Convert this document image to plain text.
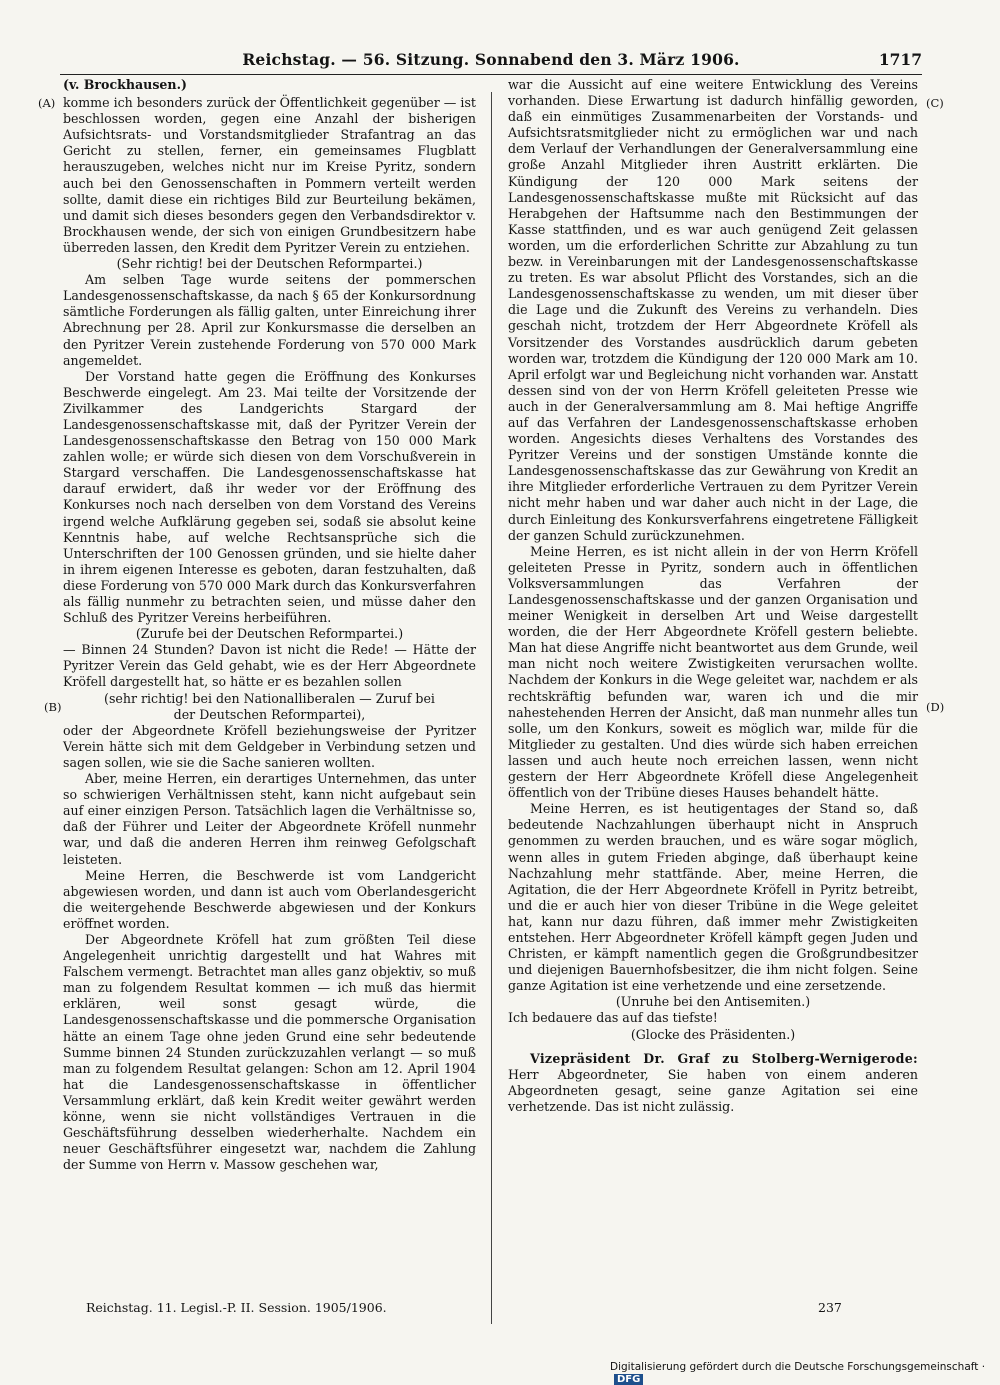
Reichstag. — 56. Sitzung. Sonnabend den 3. März 1906.	1717
(A)
(B)
(C)
(D)

(v. Brockhausen.)

komme ich besonders zurück der Öffentlichkeit gegenüber — ist beschlossen worden, gegen eine Anzahl der bisherigen Aufsichtsrats- und Vorstandsmitglieder Strafantrag an das Gericht zu stellen, ferner, ein gemeinsames Flugblatt herauszugeben, welches nicht nur im Kreise Pyritz, sondern auch bei den Genossenschaften in Pommern verteilt werden sollte, damit diese ein richtiges Bild zur Beurteilung bekämen, und damit sich dieses besonders gegen den Verbandsdirektor v. Brockhausen wende, der sich von einigen Grundbesitzern habe überreden lassen, den Kredit dem Pyritzer Verein zu entziehen.

(Sehr richtig! bei der Deutschen Reformpartei.)

Am selben Tage wurde seitens der pommerschen Landesgenossenschaftskasse, da nach § 65 der Konkursordnung sämtliche Forderungen als fällig galten, unter Einreichung ihrer Abrechnung per 28. April zur Konkursmasse die derselben an den Pyritzer Verein zustehende Forderung von 570 000 Mark angemeldet.

Der Vorstand hatte gegen die Eröffnung des Konkurses Beschwerde eingelegt. Am 23. Mai teilte der Vorsitzende der Zivilkammer des Landgerichts Stargard der Landesgenossenschaftskasse mit, daß der Pyritzer Verein der Landesgenossenschaftskasse den Betrag von 150 000 Mark zahlen wolle; er würde sich diesen von dem Vorschußverein in Stargard verschaffen. Die Landesgenossenschaftskasse hat darauf erwidert, daß ihr weder vor der Eröffnung des Konkurses noch nach derselben von dem Vorstand des Vereins irgend welche Aufklärung gegeben sei, sodaß sie absolut keine Kenntnis habe, auf welche Rechtsansprüche sich die Unterschriften der 100 Genossen gründen, und sie hielte daher in ihrem eigenen Interesse es geboten, daran festzuhalten, daß diese Forderung von 570 000 Mark durch das Konkursverfahren als fällig nunmehr zu betrachten seien, und müsse daher den Schluß des Pyritzer Vereins herbeiführen.

(Zurufe bei der Deutschen Reformpartei.)

— Binnen 24 Stunden? Davon ist nicht die Rede! — Hätte der Pyritzer Verein das Geld gehabt, wie es der Herr Abgeordnete Kröfell dargestellt hat, so hätte er es bezahlen sollen

(sehr richtig! bei den Nationalliberalen — Zuruf bei der Deutschen Reformpartei),

oder der Abgeordnete Kröfell beziehungsweise der Pyritzer Verein hätte sich mit dem Geldgeber in Verbindung setzen und sagen sollen, wie sie die Sache sanieren wollten.

Aber, meine Herren, ein derartiges Unternehmen, das unter so schwierigen Verhältnissen steht, kann nicht aufgebaut sein auf einer einzigen Person. Tatsächlich lagen die Verhältnisse so, daß der Führer und Leiter der Abgeordnete Kröfell nunmehr war, und daß die anderen Herren ihm reinweg Gefolgschaft leisteten.

Meine Herren, die Beschwerde ist vom Landgericht abgewiesen worden, und dann ist auch vom Oberlandesgericht die weitergehende Beschwerde abgewiesen und der Konkurs eröffnet worden.

Der Abgeordnete Kröfell hat zum größten Teil diese Angelegenheit unrichtig dargestellt und hat Wahres mit Falschem vermengt. Betrachtet man alles ganz objektiv, so muß man zu folgendem Resultat kommen — ich muß das hiermit erklären, weil sonst gesagt würde, die Landesgenossenschaftskasse und die pommersche Organisation hätte an einem Tage ohne jeden Grund eine sehr bedeutende Summe binnen 24 Stunden zurückzuzahlen verlangt — so muß man zu folgendem Resultat gelangen: Schon am 12. April 1904 hat die Landesgenossenschaftskasse in öffentlicher Versammlung erklärt, daß kein Kredit weiter gewährt werden könne, wenn sie nicht vollständiges Vertrauen in die Geschäftsführung desselben wiederherhalte. Nachdem ein neuer Geschäftsführer eingesetzt war, nachdem die Zahlung der Summe von Herrn v. Massow geschehen war,

war die Aussicht auf eine weitere Entwicklung des Vereins vorhanden. Diese Erwartung ist dadurch hinfällig geworden, daß ein einmütiges Zusammenarbeiten der Vorstands- und Aufsichtsratsmitglieder nicht zu ermöglichen war und nach dem Verlauf der Verhandlungen der Generalversammlung eine große Anzahl Mitglieder ihren Austritt erklärten. Die Kündigung der 120 000 Mark seitens der Landesgenossenschaftskasse mußte mit Rücksicht auf das Herabgehen der Haftsumme nach den Bestimmungen der Kasse stattfinden, und es war auch genügend Zeit gelassen worden, um die erforderlichen Schritte zur Abzahlung zu tun bezw. in Vereinbarungen mit der Landesgenossenschaftskasse zu treten. Es war absolut Pflicht des Vorstandes, sich an die Landesgenossenschaftskasse zu wenden, um mit dieser über die Lage und die Zukunft des Vereins zu verhandeln. Dies geschah nicht, trotzdem der Herr Abgeordnete Kröfell als Vorsitzender des Vorstandes ausdrücklich darum gebeten worden war, trotzdem die Kündigung der 120 000 Mark am 10. April erfolgt war und Begleichung nicht vorhanden war. Anstatt dessen sind von der von Herrn Kröfell geleiteten Presse wie auch in der Generalversammlung am 8. Mai heftige Angriffe auf das Verfahren der Landesgenossenschaftskasse erhoben worden. Angesichts dieses Verhaltens des Vorstandes des Pyritzer Vereins und der sonstigen Umstände konnte die Landesgenossenschaftskasse das zur Gewährung von Kredit an ihre Mitglieder erforderliche Vertrauen zu dem Pyritzer Verein nicht mehr haben und war daher auch nicht in der Lage, die durch Einleitung des Konkursverfahrens eingetretene Fälligkeit der ganzen Schuld zurückzunehmen.

Meine Herren, es ist nicht allein in der von Herrn Kröfell geleiteten Presse in Pyritz, sondern auch in öffentlichen Volksversammlungen das Verfahren der Landesgenossenschaftskasse und der ganzen Organisation und meiner Wenigkeit in derselben Art und Weise dargestellt worden, die der Herr Abgeordnete Kröfell gestern beliebte. Man hat diese Angriffe nicht beantwortet aus dem Grunde, weil man nicht noch weitere Zwistigkeiten verursachen wollte. Nachdem der Konkurs in die Wege geleitet war, nachdem er als rechtskräftig befunden war, waren ich und die mir nahestehenden Herren der Ansicht, daß man nunmehr alles tun solle, um den Konkurs, soweit es möglich war, milde für die Mitglieder zu gestalten. Und dies würde sich haben erreichen lassen und auch heute noch erreichen lassen, wenn nicht gestern der Herr Abgeordnete Kröfell diese Angelegenheit öffentlich von der Tribüne dieses Hauses behandelt hätte.

Meine Herren, es ist heutigentages der Stand so, daß bedeutende Nachzahlungen überhaupt nicht in Anspruch genommen zu werden brauchen, und es wäre sogar möglich, wenn alles in gutem Frieden abginge, daß überhaupt keine Nachzahlung mehr stattfände. Aber, meine Herren, die Agitation, die der Herr Abgeordnete Kröfell in Pyritz betreibt, und die er auch hier von dieser Tribüne in die Wege geleitet hat, kann nur dazu führen, daß immer mehr Zwistigkeiten entstehen. Herr Abgeordneter Kröfell kämpft gegen Juden und Christen, er kämpft namentlich gegen die Großgrundbesitzer und diejenigen Bauernhofsbesitzer, die ihm nicht folgen. Seine ganze Agitation ist eine verhetzende und eine zersetzende.

(Unruhe bei den Antisemiten.)

Ich bedauere das auf das tiefste!

(Glocke des Präsidenten.)

Vizepräsident Dr. Graf zu Stolberg-Wernigerode: Herr Abgeordneter, Sie haben von einem anderen Abgeordneten gesagt, seine ganze Agitation sei eine verhetzende. Das ist nicht zulässig.

Reichstag. 11. Legisl.-P. II. Session. 1905/1906.	237
Digitalisierung gefördert durch die Deutsche Forschungsgemeinschaft ·DFG
